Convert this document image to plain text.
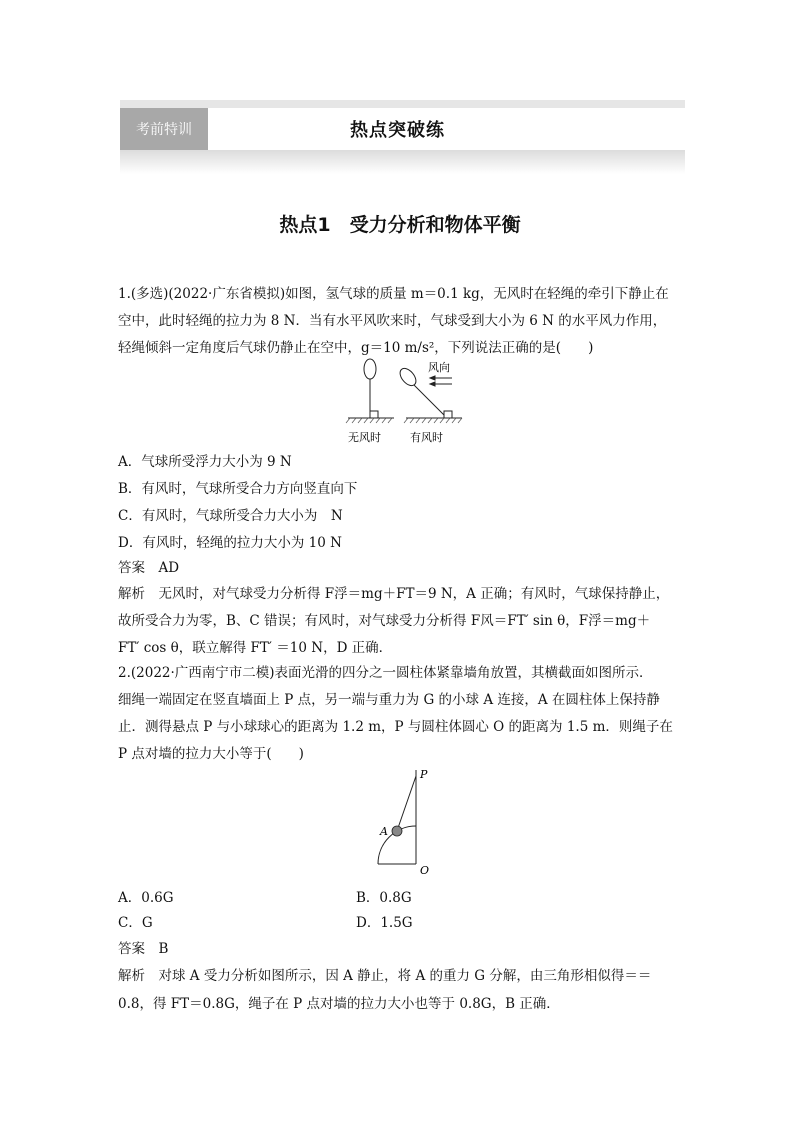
考前特训	热点突破练
热点1　受力分析和物体平衡
1.(多选)(2022·广东省模拟)如图，氢气球的质量 m＝0.1 kg，无风时在轻绳的牵引下静止在
空中，此时轻绳的拉力为 8 N．当有水平风吹来时，气球受到大小为 6 N 的水平风力作用，
轻绳倾斜一定角度后气球仍静止在空中，g＝10 m/s²，下列说法正确的是(　　)
风向
无风时	有风时
A．气球所受浮力大小为 9 N
B．有风时，气球所受合力方向竖直向下
C．有风时，气球所受合力大小为　N
D．有风时，轻绳的拉力大小为 10 N
答案　AD
解析　无风时，对气球受力分析得 F浮＝mg＋FT＝9 N，A 正确；有风时，气球保持静止，
故所受合力为零，B、C 错误；有风时，对气球受力分析得 F风＝FT′ sin θ，F浮＝mg＋
FT′ cos θ，联立解得 FT′ ＝10 N，D 正确．
2.(2022·广西南宁市二模)表面光滑的四分之一圆柱体紧靠墙角放置，其横截面如图所示．
细绳一端固定在竖直墙面上 P 点，另一端与重力为 G 的小球 A 连接，A 在圆柱体上保持静
止．测得悬点 P 与小球球心的距离为 1.2 m，P 与圆柱体圆心 O 的距离为 1.5 m．则绳子在
P 点对墙的拉力大小等于(　　)
P
A
O
A．0.6G	B．0.8G
C．G	D．1.5G
答案　B
解析　对球 A 受力分析如图所示，因 A 静止，将 A 的重力 G 分解，由三角形相似得＝＝
0.8，得 FT＝0.8G，绳子在 P 点对墙的拉力大小也等于 0.8G，B 正确．
